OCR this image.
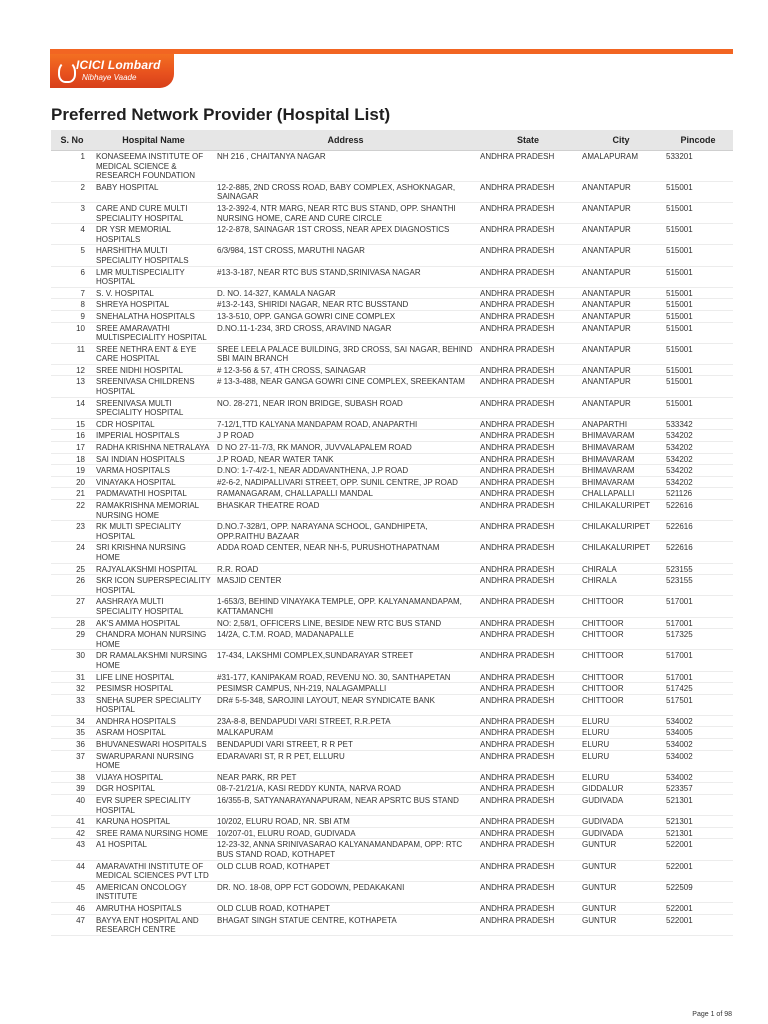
ICICI Lombard
Nibhaye Vaade
Preferred Network Provider (Hospital List)
S. No	Hospital Name	Address	State	City	Pincode
1	KONASEEMA INSTITUTE OF MEDICAL SCIENCE & RESEARCH FOUNDATION	NH 216 , CHAITANYA NAGAR	ANDHRA PRADESH	AMALAPURAM	533201
2	BABY HOSPITAL	12-2-885, 2ND CROSS ROAD, BABY COMPLEX, ASHOKNAGAR, SAINAGAR	ANDHRA PRADESH	ANANTAPUR	515001
3	CARE AND CURE MULTI SPECIALITY HOSPITAL	13-2-392-4, NTR MARG, NEAR RTC BUS STAND, OPP. SHANTHI NURSING HOME, CARE AND CURE CIRCLE	ANDHRA PRADESH	ANANTAPUR	515001
4	DR YSR MEMORIAL HOSPITALS	12-2-878, SAINAGAR 1ST CROSS, NEAR APEX DIAGNOSTICS	ANDHRA PRADESH	ANANTAPUR	515001
5	HARSHITHA MULTI SPECIALITY HOSPITALS	6/3/984, 1ST CROSS, MARUTHI NAGAR	ANDHRA PRADESH	ANANTAPUR	515001
6	LMR MULTISPECIALITY HOSPITAL	#13-3-187, NEAR RTC BUS STAND,SRINIVASA NAGAR	ANDHRA PRADESH	ANANTAPUR	515001
7	S. V. HOSPITAL	D. NO. 14-327, KAMALA NAGAR	ANDHRA PRADESH	ANANTAPUR	515001
8	SHREYA HOSPITAL	#13-2-143, SHIRIDI NAGAR, NEAR RTC BUSSTAND	ANDHRA PRADESH	ANANTAPUR	515001
9	SNEHALATHA HOSPITALS	13-3-510, OPP. GANGA GOWRI CINE COMPLEX	ANDHRA PRADESH	ANANTAPUR	515001
10	SREE AMARAVATHI MULTISPECIALITY HOSPITAL	D.NO.11-1-234, 3RD CROSS, ARAVIND NAGAR	ANDHRA PRADESH	ANANTAPUR	515001
11	SREE NETHRA ENT & EYE CARE HOSPITAL	SREE LEELA PALACE BUILDING, 3RD CROSS, SAI NAGAR, BEHIND SBI MAIN BRANCH	ANDHRA PRADESH	ANANTAPUR	515001
12	SREE NIDHI HOSPITAL	# 12-3-56 & 57, 4TH CROSS, SAINAGAR	ANDHRA PRADESH	ANANTAPUR	515001
13	SREENIVASA CHILDRENS HOSPITAL	# 13-3-488, NEAR GANGA GOWRI CINE COMPLEX, SREEKANTAM	ANDHRA PRADESH	ANANTAPUR	515001
14	SREENIVASA MULTI SPECIALITY HOSPITAL	NO. 28-271, NEAR IRON BRIDGE, SUBASH ROAD	ANDHRA PRADESH	ANANTAPUR	515001
15	CDR HOSPITAL	7-12/1,TTD KALYANA MANDAPAM ROAD, ANAPARTHI	ANDHRA PRADESH	ANAPARTHI	533342
16	IMPERIAL HOSPITALS	J P ROAD	ANDHRA PRADESH	BHIMAVARAM	534202
17	RADHA KRISHNA NETRALAYA	D NO 27-11-7/3, RK MANOR, JUVVALAPALEM ROAD	ANDHRA PRADESH	BHIMAVARAM	534202
18	SAI INDIAN HOSPITALS	J.P ROAD, NEAR WATER TANK	ANDHRA PRADESH	BHIMAVARAM	534202
19	VARMA HOSPITALS	D.NO: 1-7-4/2-1, NEAR ADDAVANTHENA, J.P ROAD	ANDHRA PRADESH	BHIMAVARAM	534202
20	VINAYAKA HOSPITAL	#2-6-2, NADIPALLIVARI STREET, OPP. SUNIL CENTRE, JP ROAD	ANDHRA PRADESH	BHIMAVARAM	534202
21	PADMAVATHI HOSPITAL	RAMANAGARAM, CHALLAPALLI MANDAL	ANDHRA PRADESH	CHALLAPALLI	521126
22	RAMAKRISHNA MEMORIAL NURSING HOME	BHASKAR THEATRE ROAD	ANDHRA PRADESH	CHILAKALURIPET	522616
23	RK MULTI SPECIALITY HOSPITAL	D.NO.7-328/1, OPP. NARAYANA SCHOOL, GANDHIPETA, OPP.RAITHU BAZAAR	ANDHRA PRADESH	CHILAKALURIPET	522616
24	SRI KRISHNA NURSING HOME	ADDA ROAD CENTER, NEAR NH-5, PURUSHOTHAPATNAM	ANDHRA PRADESH	CHILAKALURIPET	522616
25	RAJYALAKSHMI HOSPITAL	R.R. ROAD	ANDHRA PRADESH	CHIRALA	523155
26	SKR ICON SUPERSPECIALITY HOSPITAL	MASJID CENTER	ANDHRA PRADESH	CHIRALA	523155
27	AASHRAYA MULTI SPECIALITY HOSPITAL	1-653/3, BEHIND VINAYAKA TEMPLE, OPP. KALYANAMANDAPAM, KATTAMANCHI	ANDHRA PRADESH	CHITTOOR	517001
28	AK'S AMMA HOSPITAL	NO: 2,58/1, OFFICERS LINE, BESIDE NEW RTC BUS STAND	ANDHRA PRADESH	CHITTOOR	517001
29	CHANDRA MOHAN NURSING HOME	14/2A, C.T.M. ROAD, MADANAPALLE	ANDHRA PRADESH	CHITTOOR	517325
30	DR RAMALAKSHMI NURSING HOME	17-434, LAKSHMI COMPLEX,SUNDARAYAR STREET	ANDHRA PRADESH	CHITTOOR	517001
31	LIFE LINE HOSPITAL	#31-177, KANIPAKAM ROAD, REVENU NO. 30, SANTHAPETAN	ANDHRA PRADESH	CHITTOOR	517001
32	PESIMSR HOSPITAL	PESIMSR CAMPUS, NH-219, NALAGAMPALLI	ANDHRA PRADESH	CHITTOOR	517425
33	SNEHA SUPER SPECIALITY HOSPITAL	DR# 5-5-348, SAROJINI LAYOUT, NEAR SYNDICATE BANK	ANDHRA PRADESH	CHITTOOR	517501
34	ANDHRA HOSPITALS	23A-8-8, BENDAPUDI VARI STREET, R.R.PETA	ANDHRA PRADESH	ELURU	534002
35	ASRAM HOSPITAL	MALKAPURAM	ANDHRA PRADESH	ELURU	534005
36	BHUVANESWARI HOSPITALS	BENDAPUDI VARI STREET, R R PET	ANDHRA PRADESH	ELURU	534002
37	SWARUPARANI NURSING HOME	EDARAVARI ST, R R PET, ELLURU	ANDHRA PRADESH	ELURU	534002
38	VIJAYA HOSPITAL	NEAR PARK, RR PET	ANDHRA PRADESH	ELURU	534002
39	DGR HOSPITAL	08-7-21/21/A, KASI REDDY KUNTA, NARVA ROAD	ANDHRA PRADESH	GIDDALUR	523357
40	EVR SUPER SPECIALITY HOSPITAL	16/355-B, SATYANARAYANAPURAM, NEAR APSRTC BUS STAND	ANDHRA PRADESH	GUDIVADA	521301
41	KARUNA HOSPITAL	10/202, ELURU ROAD, NR. SBI ATM	ANDHRA PRADESH	GUDIVADA	521301
42	SREE RAMA NURSING HOME	10/207-01, ELURU ROAD, GUDIVADA	ANDHRA PRADESH	GUDIVADA	521301
43	A1 HOSPITAL	12-23-32, ANNA SRINIVASARAO KALYANAMANDAPAM, OPP: RTC BUS STAND ROAD, KOTHAPET	ANDHRA PRADESH	GUNTUR	522001
44	AMARAVATHI INSTITUTE OF MEDICAL SCIENCES PVT LTD	OLD CLUB ROAD, KOTHAPET	ANDHRA PRADESH	GUNTUR	522001
45	AMERICAN ONCOLOGY INSTITUTE	DR. NO. 18-08, OPP FCT GODOWN, PEDAKAKANI	ANDHRA PRADESH	GUNTUR	522509
46	AMRUTHA HOSPITALS	OLD CLUB ROAD, KOTHAPET	ANDHRA PRADESH	GUNTUR	522001
47	BAYYA ENT HOSPITAL AND RESEARCH CENTRE	BHAGAT SINGH STATUE CENTRE, KOTHAPETA	ANDHRA PRADESH	GUNTUR	522001
Page 1 of 98
